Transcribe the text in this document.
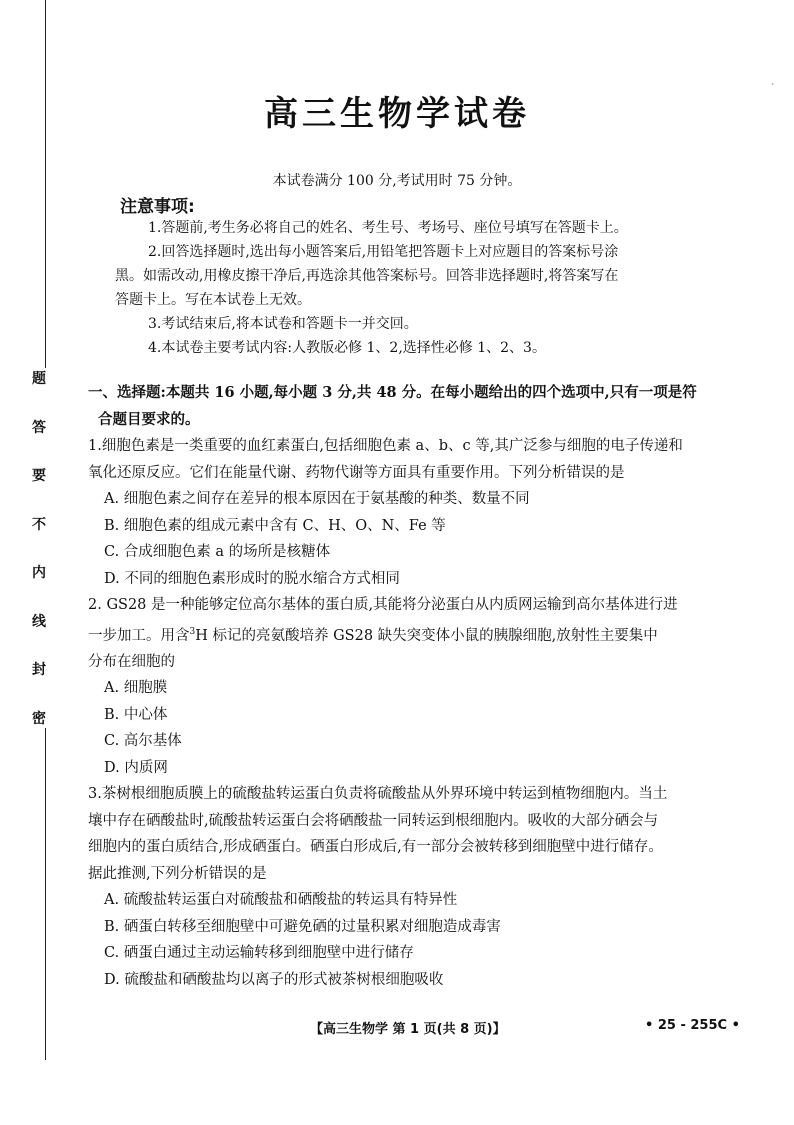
题
答
要
不
内
线
封
密
ˊ
高三生物学试卷
本试卷满分 100 分,考试用时 75 分钟。
注意事项:

1.答题前,考生务必将自己的姓名、考生号、考场号、座位号填写在答题卡上。

2.回答选择题时,选出每小题答案后,用铅笔把答题卡上对应题目的答案标号涂

黑。如需改动,用橡皮擦干净后,再选涂其他答案标号。回答非选择题时,将答案写在

答题卡上。写在本试卷上无效。

3.考试结束后,将本试卷和答题卡一并交回。

4.本试卷主要考试内容:人教版必修 1、2,选择性必修 1、2、3。

一、选择题:本题共 16 小题,每小题 3 分,共 48 分。在每小题给出的四个选项中,只有一项是符

合题目要求的。

1.细胞色素是一类重要的血红素蛋白,包括细胞色素 a、b、c 等,其广泛参与细胞的电子传递和

氧化还原反应。它们在能量代谢、药物代谢等方面具有重要作用。下列分析错误的是

A. 细胞色素之间存在差异的根本原因在于氨基酸的种类、数量不同

B. 细胞色素的组成元素中含有 C、H、O、N、Fe 等

C. 合成细胞色素 a 的场所是核糖体

D. 不同的细胞色素形成时的脱水缩合方式相同

2. GS28 是一种能够定位高尔基体的蛋白质,其能将分泌蛋白从内质网运输到高尔基体进行进

一步加工。用含$^3$H 标记的亮氨酸培养 GS28 缺失突变体小鼠的胰腺细胞,放射性主要集中

分布在细胞的

A. 细胞膜

B. 中心体

C. 高尔基体

D. 内质网

3.茶树根细胞质膜上的硫酸盐转运蛋白负责将硫酸盐从外界环境中转运到植物细胞内。当土

壤中存在硒酸盐时,硫酸盐转运蛋白会将硒酸盐一同转运到根细胞内。吸收的大部分硒会与

细胞内的蛋白质结合,形成硒蛋白。硒蛋白形成后,有一部分会被转移到细胞壁中进行储存。

据此推测,下列分析错误的是

A. 硫酸盐转运蛋白对硫酸盐和硒酸盐的转运具有特异性

B. 硒蛋白转移至细胞壁中可避免硒的过量积累对细胞造成毒害

C. 硒蛋白通过主动运输转移到细胞壁中进行储存

D. 硫酸盐和硒酸盐均以离子的形式被茶树根细胞吸收

【高三生物学 第 1 页(共 8 页)】	• 25 - 255C •
